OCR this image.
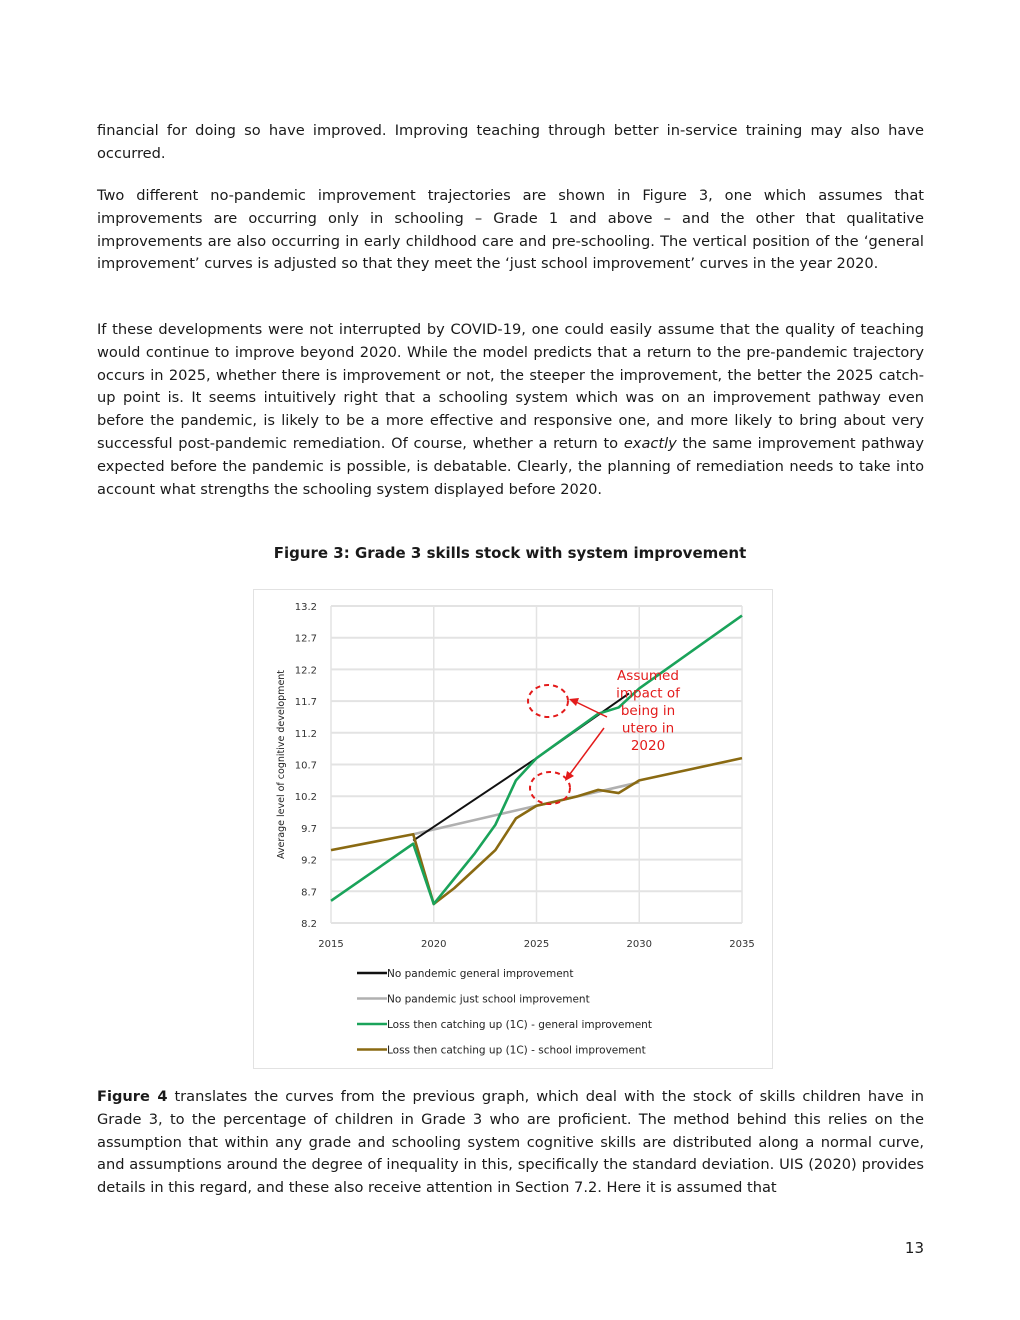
financial for doing so have improved. Improving teaching through better in-service training may also have occurred.

Two different no-pandemic improvement trajectories are shown in Figure 3, one which assumes that improvements are occurring only in schooling – Grade 1 and above – and the other that qualitative improvements are also occurring in early childhood care and pre-schooling. The vertical position of the ‘general improvement’ curves is adjusted so that they meet the ‘just school improvement’ curves in the year 2020.

If these developments were not interrupted by COVID-19, one could easily assume that the quality of teaching would continue to improve beyond 2020. While the model predicts that a return to the pre-pandemic trajectory occurs in 2025, whether there is improvement or not, the steeper the improvement, the better the 2025 catch-up point is. It seems intuitively right that a schooling system which was on an improvement pathway even before the pandemic, is likely to be a more effective and responsive one, and more likely to bring about very successful post-pandemic remediation. Of course, whether a return to exactly the same improvement pathway expected before the pandemic is possible, is debatable. Clearly, the planning of remediation needs to take into account what strengths the schooling system displayed before 2020.

Figure 3: Grade 3 skills stock with system improvement
13.2
12.7
12.2
11.7
11.2
10.7
10.2
9.7
9.2
8.7
8.2
2015	2020	2025	2030	2035
Average level of cognitive development	Assumed
impact of
being in
utero in
2020
No pandemic general improvement
No pandemic just school improvement
Loss then catching up (1C) - general improvement
Loss then catching up (1C) - school improvement

Figure 4 translates the curves from the previous graph, which deal with the stock of skills children have in Grade 3, to the percentage of children in Grade 3 who are proficient. The method behind this relies on the assumption that within any grade and schooling system cognitive skills are distributed along a normal curve, and assumptions around the degree of inequality in this, specifically the standard deviation. UIS (2020) provides details in this regard, and these also receive attention in Section 7.2. Here it is assumed that

13
